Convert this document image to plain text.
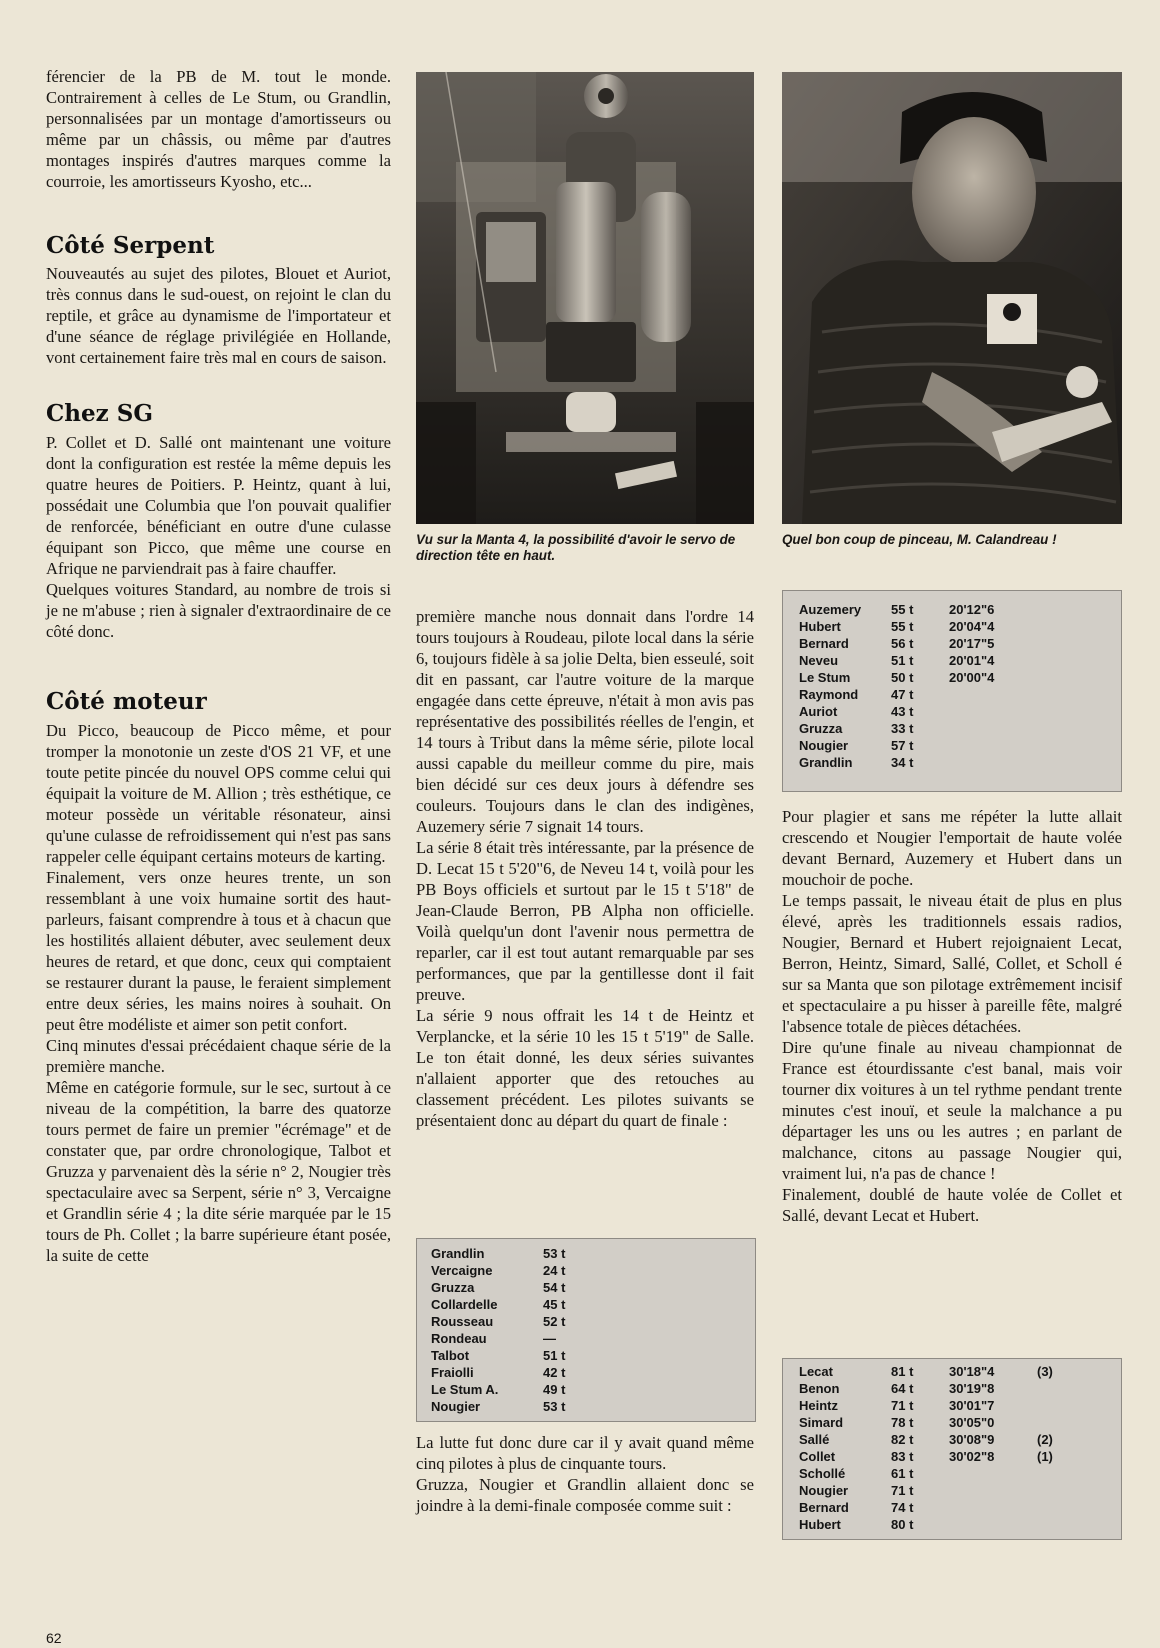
férencier de la PB de M. tout le monde. Contrairement à celles de Le Stum, ou Grandlin, personnalisées par un montage d'amortisseurs ou même par un châssis, ou même par d'autres montages inspirés d'autres marques comme la courroie, les amortisseurs Kyosho, etc...

Côté Serpent

Nouveautés au sujet des pilotes, Blouet et Auriot, très connus dans le sud-ouest, on rejoint le clan du reptile, et grâce au dynamisme de l'importateur et d'une séance de réglage privilégiée en Hollande, vont certainement faire très mal en cours de saison.

Chez SG

P. Collet et D. Sallé ont maintenant une voiture dont la configuration est restée la même depuis les quatre heures de Poitiers. P. Heintz, quant à lui, possédait une Columbia que l'on pouvait qualifier de renforcée, bénéficiant en outre d'une culasse équipant son Picco, que même une course en Afrique ne parviendrait pas à faire chauffer.

Quelques voitures Standard, au nombre de trois si je ne m'abuse ; rien à signaler d'extraordinaire de ce côté donc.

Côté moteur

Du Picco, beaucoup de Picco même, et pour tromper la monotonie un zeste d'OS 21 VF, et une toute petite pincée du nouvel OPS comme celui qui équipait la voiture de M. Allion ; très esthétique, ce moteur possède un véritable résonateur, ainsi qu'une culasse de refroidissement qui n'est pas sans rappeler celle équipant certains moteurs de karting.

Finalement, vers onze heures trente, un son ressemblant à une voix humaine sortit des haut-parleurs, faisant comprendre à tous et à chacun que les hostilités allaient débuter, avec seulement deux heures de retard, et que donc, ceux qui comptaient se restaurer durant la pause, le feraient simplement entre deux séries, les mains noires à souhait. On peut être modéliste et aimer son petit confort.

Cinq minutes d'essai précédaient chaque série de la première manche.

Même en catégorie formule, sur le sec, surtout à ce niveau de la compétition, la barre des quatorze tours permet de faire un premier "écrémage" et de constater que, par ordre chronologique, Talbot et Gruzza y parvenaient dès la série n° 2, Nougier très spectaculaire avec sa Serpent, série n° 3, Vercaigne et Grandlin série 4 ; la dite série marquée par le 15 tours de Ph. Collet ; la barre supérieure étant posée, la suite de cette

Vu sur la Manta 4, la possibilité d'avoir le servo de direction tête en haut.
Quel bon coup de pinceau, M. Calandreau !

première manche nous donnait dans l'ordre 14 tours toujours à Roudeau, pilote local dans la série 6, toujours fidèle à sa jolie Delta, bien esseulé, soit dit en passant, car l'autre voiture de la marque engagée dans cette épreuve, n'était à mon avis pas représentative des possibilités réelles de l'engin, et 14 tours à Tribut dans la même série, pilote local aussi capable du meilleur comme du pire, mais bien décidé sur ces deux jours à défendre ses couleurs. Toujours dans le clan des indigènes, Auzemery série 7 signait 14 tours.

La série 8 était très intéressante, par la présence de D. Lecat 15 t 5'20"6, de Neveu 14 t, voilà pour les PB Boys officiels et surtout par le 15 t 5'18" de Jean-Claude Berron, PB Alpha non officielle. Voilà quelqu'un dont l'avenir nous permettra de reparler, car il est tout autant remarquable par ses performances, que par la gentillesse dont il fait preuve.

La série 9 nous offrait les 14 t de Heintz et Verplancke, et la série 10 les 15 t 5'19" de Salle. Le ton était donné, les deux séries suivantes n'allaient apporter que des retouches au classement précédent. Les pilotes suivants se présentaient donc au départ du quart de finale :

Grandlin	53 t
Vercaigne	24 t
Gruzza	54 t
Collardelle	45 t
Rousseau	52 t
Rondeau	—
Talbot	51 t
Fraiolli	42 t
Le Stum A.	49 t
Nougier	53 t

La lutte fut donc dure car il y avait quand même cinq pilotes à plus de cinquante tours.

Gruzza, Nougier et Grandlin allaient donc se joindre à la demi-finale composée comme suit :

Auzemery 55 t	20'12"6
Hubert	55 t	20'04"4
Bernard	56 t	20'17"5
Neveu	51 t	20'01"4
Le Stum	50 t	20'00"4
Raymond	47 t
Auriot	43 t
Gruzza	33 t
Nougier	57 t
Grandlin	34 t

Pour plagier et sans me répéter la lutte allait crescendo et Nougier l'emportait de haute volée devant Bernard, Auzemery et Hubert dans un mouchoir de poche.

Le temps passait, le niveau était de plus en plus élevé, après les traditionnels essais radios, Nougier, Bernard et Hubert rejoignaient Lecat, Berron, Heintz, Simard, Sallé, Collet, et Scholl é sur sa Manta que son pilotage extrêmement incisif et spectaculaire a pu hisser à pareille fête, malgré l'absence totale de pièces détachées.

Dire qu'une finale au niveau championnat de France est étourdissante c'est banal, mais voir tourner dix voitures à un tel rythme pendant trente minutes c'est inouï, et seule la malchance a pu départager les uns ou les autres ; en parlant de malchance, citons au passage Nougier qui, vraiment lui, n'a pas de chance !

Finalement, doublé de haute volée de Collet et Sallé, devant Lecat et Hubert.

Lecat	81 t	30'18"4	(3)
Benon	64 t	30'19"8
Heintz	71 t	30'01"7
Simard	78 t	30'05"0
Sallé	82 t	30'08"9	(2)
Collet	83 t	30'02"8	(1)
Schollé	61 t
Nougier	71 t
Bernard	74 t
Hubert	80 t
62
